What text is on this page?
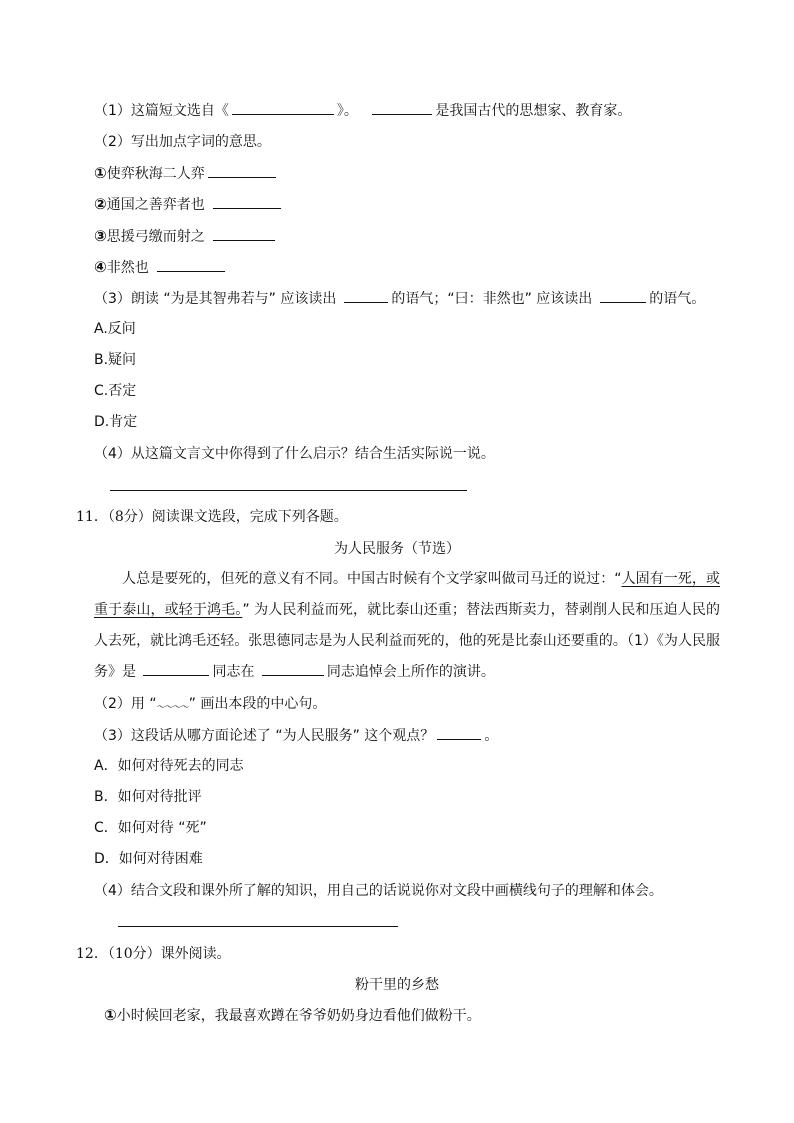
（1）这篇短文选自《	》。	是我国古代的思想家、教育家。
（2）写出加点字词的意思。
①使弈秋海二人弈
②通国之善弈者也
③思援弓缴而射之
④非然也
（3）朗读 “为是其智弗若与” 应该读出	的语气；“曰：非然也” 应该读出	的语气。
A.反问
B.疑问
C.否定
D.肯定
（4）从这篇文言文中你得到了什么启示？结合生活实际说一说。
11．（8分）阅读课文选段，完成下列各题。
为人民服务（节选）
人总是要死的，但死的意义有不同。中国古时候有个文学家叫做司马迁的说过：“人固有一死，或重于泰山，或轻于鸿毛。” 为人民利益而死，就比泰山还重；替法西斯卖力，替剥削人民和压迫人民的人去死，就比鸿毛还轻。张思德同志是为人民利益而死的，他的死是比泰山还要重的。（1）《为人民服务》是	同志在	同志追悼会上所作的演讲。
（2）用 “～～～～” 画出本段的中心句。
（3）这段话从哪方面论述了 “为人民服务” 这个观点？	。
A．如何对待死去的同志
B．如何对待批评
C．如何对待 “死”
D．如何对待困难
（4）结合文段和课外所了解的知识，用自己的话说说你对文段中画横线句子的理解和体会。
12．（10分）课外阅读。
粉干里的乡愁
①小时候回老家，我最喜欢蹲在爷爷奶奶身边看他们做粉干。
